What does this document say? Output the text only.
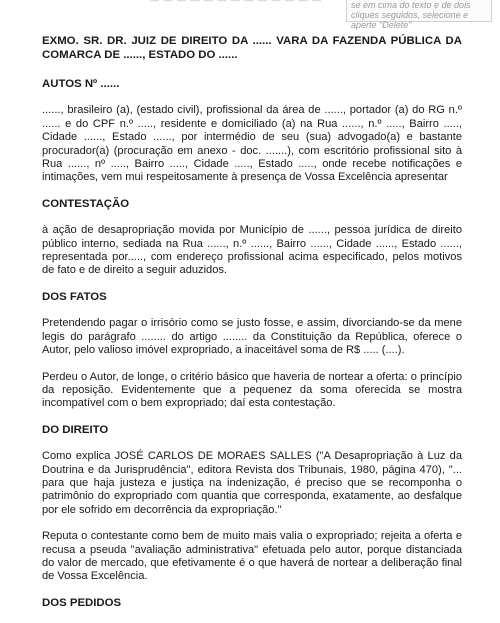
— — — — — — — — — — — — —	se em cima do texto e de dois
cliques seguidos, selecione e
aperte "Delete"
EXMO. SR. DR. JUIZ DE DIREITO DA ...... VARA DA FAZENDA PÚBLICA DA COMARCA DE ......, ESTADO DO ......
AUTOS Nº ......

......, brasileiro (a), (estado civil), profissional da área de ......, portador (a) do RG n.º ...... e do CPF n.º ....., residente e domiciliado (a) na Rua ......, n.º ....., Bairro ....., Cidade ......, Estado ......, por intermédio de seu (sua) advogado(a) e bastante procurador(a) (procuração em anexo - doc. .......), com escritório profissional sito à Rua ......, nº ....., Bairro ....., Cidade ....., Estado ....., onde recebe notificações e intimações, vem mui respeitosamente à presença de Vossa Excelência apresentar

CONTESTAÇÃO

à ação de desapropriação movida por Município de ......, pessoa jurídica de direito público interno, sediada na Rua ......, n.º ......, Bairro ......, Cidade ......, Estado ......, representada por....., com endereço profissional acima especificado, pelos motivos de fato e de direito a seguir aduzidos.

DOS FATOS

Pretendendo pagar o irrisório como se justo fosse, e assim, divorciando-se da mene legis do parágrafo ........ do artigo ........ da Constituição da República, oferece o Autor, pelo valioso imóvel expropriado, a inaceitável soma de R$ ..... (....).

Perdeu o Autor, de longe, o critério básico que haveria de nortear a oferta: o princípio da reposição. Evidentemente que a pequenez da soma oferecida se mostra incompatível com o bem expropriado; daí esta contestação.

DO DIREITO

Como explica JOSÉ CARLOS DE MORAES SALLES ("A Desapropriação à Luz da Doutrina e da Jurisprudência", editora Revista dos Tribunais, 1980, página 470), "... para que haja justeza e justiça na indenização, é preciso que se recomponha o patrimônio do expropriado com quantia que corresponda, exatamente, ao desfalque por ele sofrido em decorrência da expropriação."

Reputa o contestante como bem de muito mais valia o expropriado; rejeita a oferta e recusa a pseuda "avaliação administrativa" efetuada pelo autor, porque distanciada do valor de mercado, que efetivamente é o que haverá de nortear a deliberação final de Vossa Excelência.

DOS PEDIDOS
